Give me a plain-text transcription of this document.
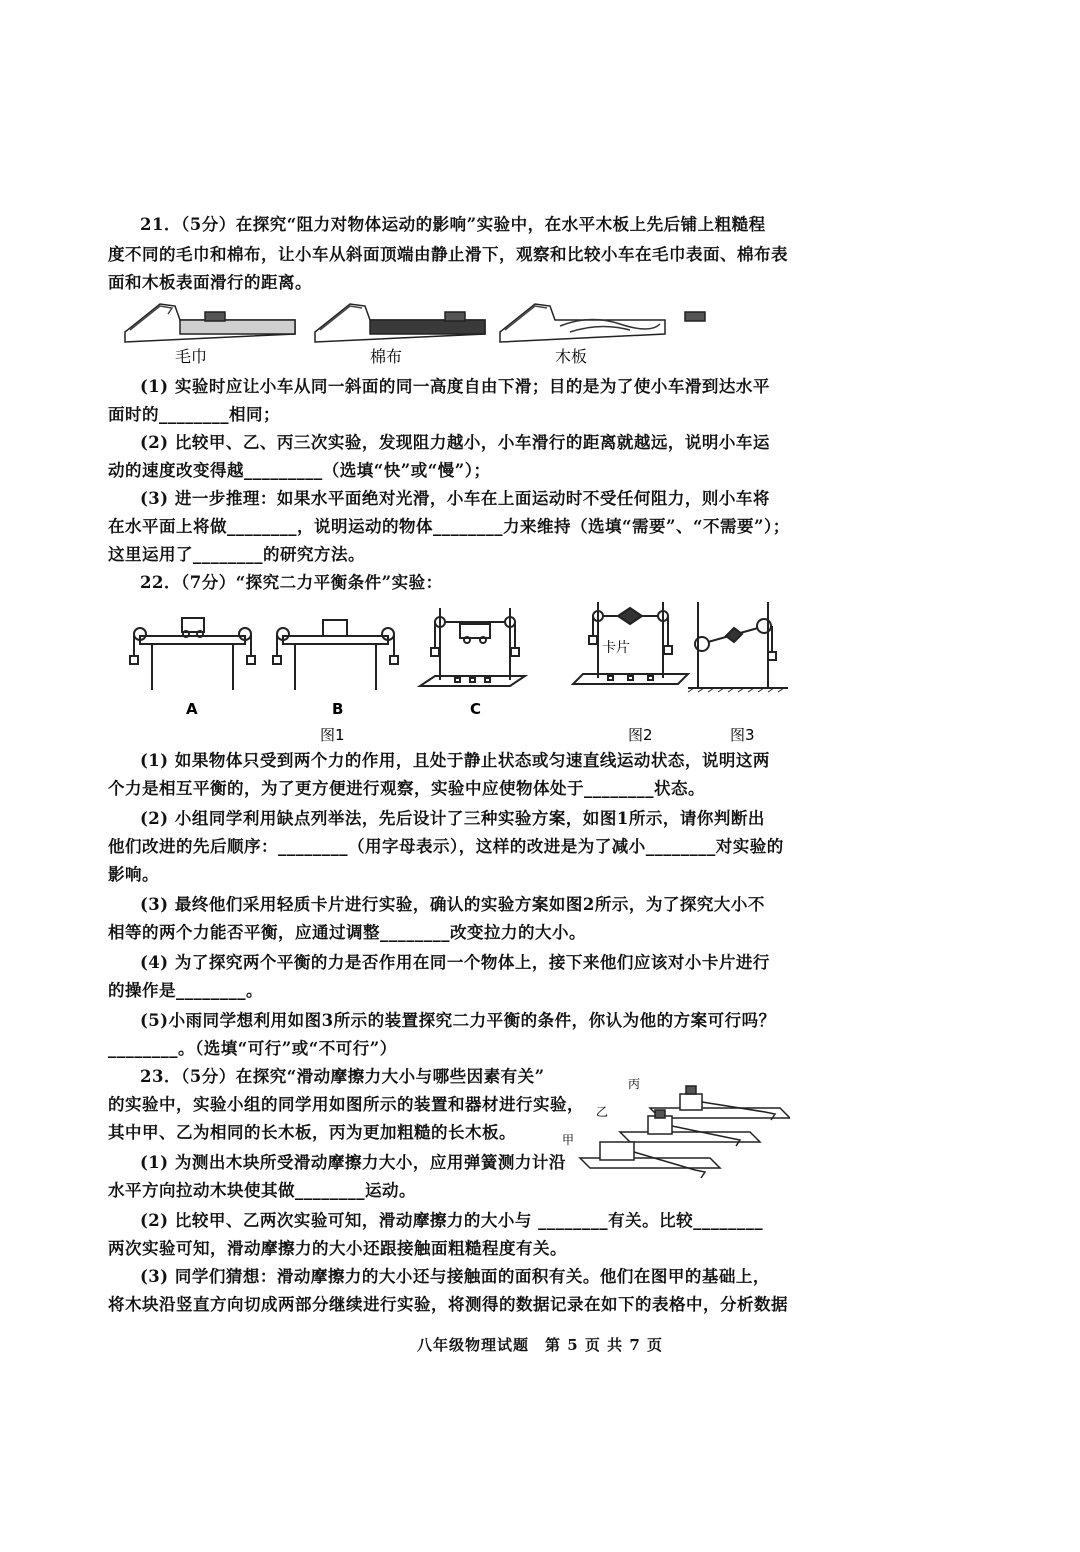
21．（5分）在探究“阻力对物体运动的影响”实验中，在水平木板上先后铺上粗糙程
度不同的毛巾和棉布，让小车从斜面顶端由静止滑下，观察和比较小车在毛巾表面、棉布表
面和木板表面滑行的距离。
毛巾	棉布	木板
(1) 实验时应让小车从同一斜面的同一高度自由下滑；目的是为了使小车滑到达水平
面时的________相同；
(2) 比较甲、乙、丙三次实验，发现阻力越小，小车滑行的距离就越远，说明小车运
动的速度改变得越_________（选填“快”或“慢”）；
(3) 进一步推理：如果水平面绝对光滑，小车在上面运动时不受任何阻力，则小车将
在水平面上将做________，说明运动的物体________力来维持（选填“需要”、“不需要”）；
这里运用了________的研究方法。
22．（7分）“探究二力平衡条件”实验：
A	B	C
卡片
图1	图2	图3
(1) 如果物体只受到两个力的作用，且处于静止状态或匀速直线运动状态，说明这两
个力是相互平衡的，为了更方便进行观察，实验中应使物体处于________状态。
(2) 小组同学利用缺点列举法，先后设计了三种实验方案，如图1所示，请你判断出
他们改进的先后顺序：________（用字母表示），这样的改进是为了减小________对实验的
影响。
(3) 最终他们采用轻质卡片进行实验，确认的实验方案如图2所示，为了探究大小不
相等的两个力能否平衡，应通过调整________改变拉力的大小。
(4) 为了探究两个平衡的力是否作用在同一个物体上，接下来他们应该对小卡片进行
的操作是________。
(5)小雨同学想利用如图3所示的装置探究二力平衡的条件，你认为他的方案可行吗？
________。（选填“可行”或“不可行”）
23．（5分）在探究“滑动摩擦力大小与哪些因素有关”
的实验中，实验小组的同学用如图所示的装置和器材进行实验，
其中甲、乙为相同的长木板，丙为更加粗糙的长木板。
丙
乙
甲
(1) 为测出木块所受滑动摩擦力大小，应用弹簧测力计沿
水平方向拉动木块使其做________运动。
(2) 比较甲、乙两次实验可知，滑动摩擦力的大小与 ________有关。比较________
两次实验可知，滑动摩擦力的大小还跟接触面粗糙程度有关。
(3) 同学们猜想：滑动摩擦力的大小还与接触面的面积有关。他们在图甲的基础上，
将木块沿竖直方向切成两部分继续进行实验，将测得的数据记录在如下的表格中，分析数据
八年级物理试题　第 5 页 共 7 页
